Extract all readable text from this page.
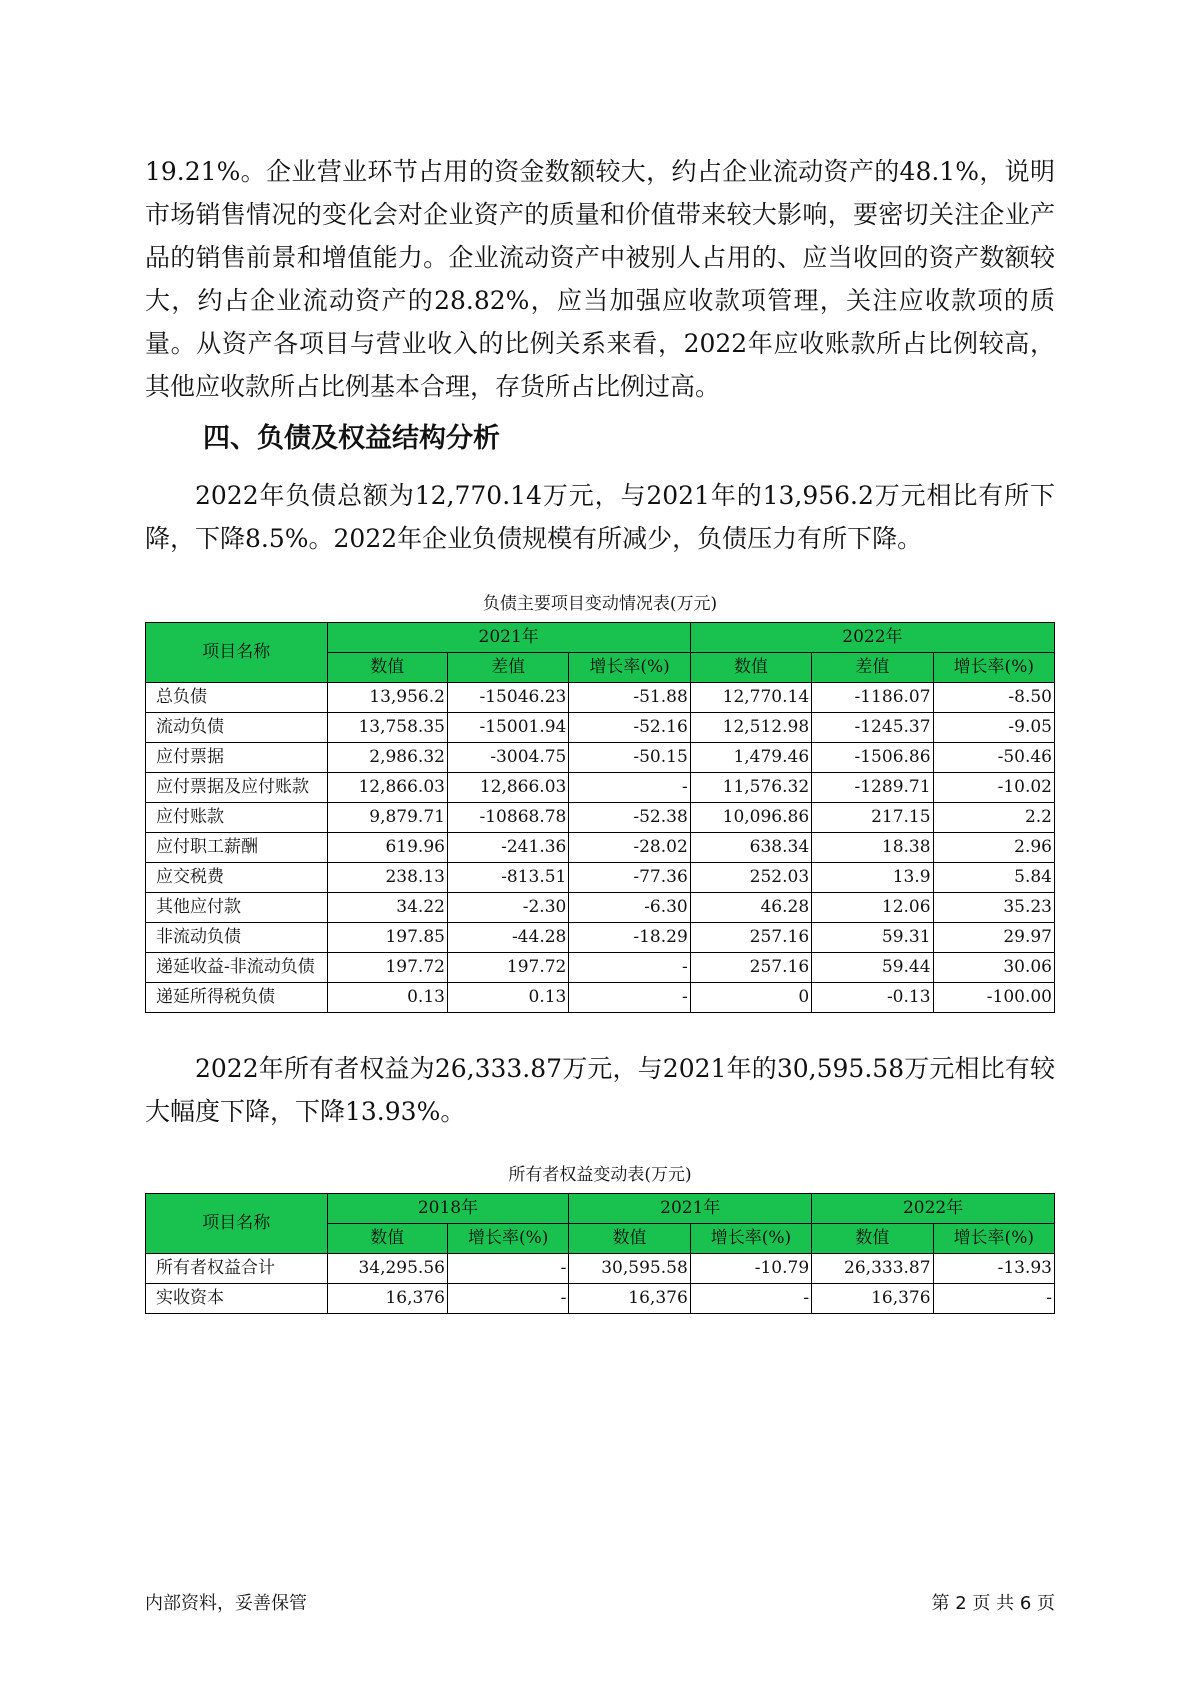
19.21%。企业营业环节占用的资金数额较大，约占企业流动资产的48.1%，说明市场销售情况的变化会对企业资产的质量和价值带来较大影响，要密切关注企业产品的销售前景和增值能力。企业流动资产中被别人占用的、应当收回的资产数额较大，约占企业流动资产的28.82%，应当加强应收款项管理，关注应收款项的质量。从资产各项目与营业收入的比例关系来看，2022年应收账款所占比例较高，其他应收款所占比例基本合理，存货所占比例过高。

四、负债及权益结构分析

2022年负债总额为12,770.14万元，与2021年的13,956.2万元相比有所下降，下降8.5%。2022年企业负债规模有所减少，负债压力有所下降。

负债主要项目变动情况表(万元)

项目名称	2021年			2022年		
	数值	差值	增长率(%)	数值	差值	增长率(%)
总负债	13,956.2	-15046.23	-51.88	12,770.14	-1186.07	-8.50
流动负债	13,758.35	-15001.94	-52.16	12,512.98	-1245.37	-9.05
应付票据	2,986.32	-3004.75	-50.15	1,479.46	-1506.86	-50.46
应付票据及应付账款	12,866.03	12,866.03	-	11,576.32	-1289.71	-10.02
应付账款	9,879.71	-10868.78	-52.38	10,096.86	217.15	2.2
应付职工薪酬	619.96	-241.36	-28.02	638.34	18.38	2.96
应交税费	238.13	-813.51	-77.36	252.03	13.9	5.84
其他应付款	34.22	-2.30	-6.30	46.28	12.06	35.23
非流动负债	197.85	-44.28	-18.29	257.16	59.31	29.97
递延收益-非流动负债	197.72	197.72	-	257.16	59.44	30.06
递延所得税负债	0.13	0.13	-	0	-0.13	-100.00

2022年所有者权益为26,333.87万元，与2021年的30,595.58万元相比有较大幅度下降，下降13.93%。

所有者权益变动表(万元)

项目名称	2018年		2021年		2022年	
	数值	增长率(%)	数值	增长率(%)	数值	增长率(%)
所有者权益合计	34,295.56	-	30,595.58	-10.79	26,333.87	-13.93
实收资本	16,376	-	16,376	-	16,376	-
内部资料，妥善保管	第 2 页 共 6 页
